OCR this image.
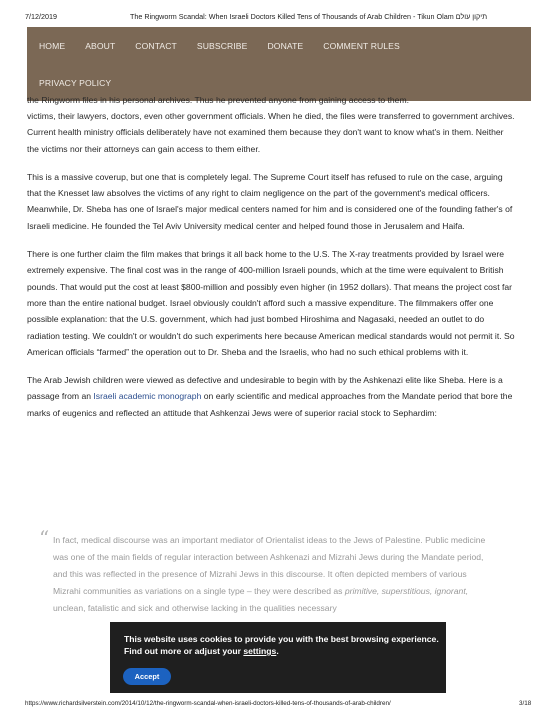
7/12/2019	The Ringworm Scandal: When Israeli Doctors Killed Tens of Thousands of Arab Children - Tikun Olam תיקון עולם
HOME ABOUT CONTACT SUBSCRIBE DONATE COMMENT RULES
PRIVACY POLICY

the Ringworm files in his personal archives. Thus he prevented anyone from gaining access to them.

victims, their lawyers, doctors, even other government officials. When he died, the files were transferred to government archives. Current health ministry officials deliberately have not examined them because they don't want to know what's in them. Neither the victims nor their attorneys can gain access to them either.

This is a massive coverup, but one that is completely legal. The Supreme Court itself has refused to rule on the case, arguing that the Knesset law absolves the victims of any right to claim negligence on the part of the government's medical officers. Meanwhile, Dr. Sheba has one of Israel's major medical centers named for him and is considered one of the founding father's of Israeli medicine. He founded the Tel Aviv University medical center and helped found those in Jerusalem and Haifa.

There is one further claim the film makes that brings it all back home to the U.S. The X-ray treatments provided by Israel were extremely expensive. The final cost was in the range of 400-million Israeli pounds, which at the time were equivalent to British pounds. That would put the cost at least $800-million and possibly even higher (in 1952 dollars). That means the project cost far more than the entire national budget. Israel obviously couldn't afford such a massive expenditure. The filmmakers offer one possible explanation: that the U.S. government, which had just bombed Hiroshima and Nagasaki, needed an outlet to do radiation testing. We couldn't or wouldn't do such experiments here because American medical standards would not permit it. So American officials “farmed” the operation out to Dr. Sheba and the Israelis, who had no such ethical problems with it.

The Arab Jewish children were viewed as defective and undesirable to begin with by the Ashkenazi elite like Sheba. Here is a passage from an Israeli academic monograph on early scientific and medical approaches from the Mandate period that bore the marks of eugenics and reflected an attitude that Ashkenzai Jews were of superior racial stock to Sephardim:

“ In fact, medical discourse was an important mediator of Orientalist ideas to the Jews of Palestine. Public medicine was one of the main fields of regular interaction between Ashkenazi and Mizrahi Jews during the Mandate period, and this was reflected in the presence of Mizrahi Jews in this discourse. It often depicted members of various Mizrahi communities as variations on a single type – they were described as primitive, superstitious, ignorant, unclean, fatalistic and sick and otherwise lacking in the qualities necessary
This website uses cookies to provide you with the best browsing experience.
Find out more or adjust your settings.
Accept
https://www.richardsilverstein.com/2014/10/12/the-ringworm-scandal-when-israeli-doctors-killed-tens-of-thousands-of-arab-children/	3/18
